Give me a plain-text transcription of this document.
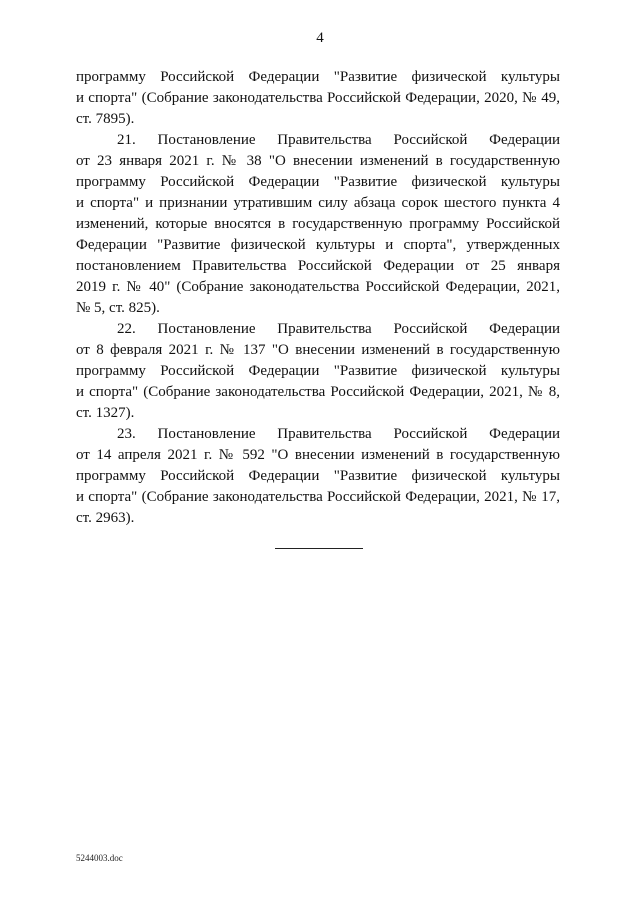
4
программу Российской Федерации "Развитие физической культуры
и спорта" (Собрание законодательства Российской Федерации, 2020, № 49,
ст. 7895).
21. Постановление Правительства Российской Федерации
от 23 января 2021 г. № 38 "О внесении изменений в государственную
программу Российской Федерации "Развитие физической культуры
и спорта" и признании утратившим силу абзаца сорок шестого пункта 4
изменений, которые вносятся в государственную программу Российской
Федерации "Развитие физической культуры и спорта", утвержденных
постановлением Правительства Российской Федерации от 25 января
2019 г. № 40" (Собрание законодательства Российской Федерации, 2021,
№ 5, ст. 825).
22. Постановление Правительства Российской Федерации
от 8 февраля 2021 г. № 137 "О внесении изменений в государственную
программу Российской Федерации "Развитие физической культуры
и спорта" (Собрание законодательства Российской Федерации, 2021, № 8,
ст. 1327).
23. Постановление Правительства Российской Федерации
от 14 апреля 2021 г. № 592 "О внесении изменений в государственную
программу Российской Федерации "Развитие физической культуры
и спорта" (Собрание законодательства Российской Федерации, 2021, № 17,
ст. 2963).
5244003.doc
